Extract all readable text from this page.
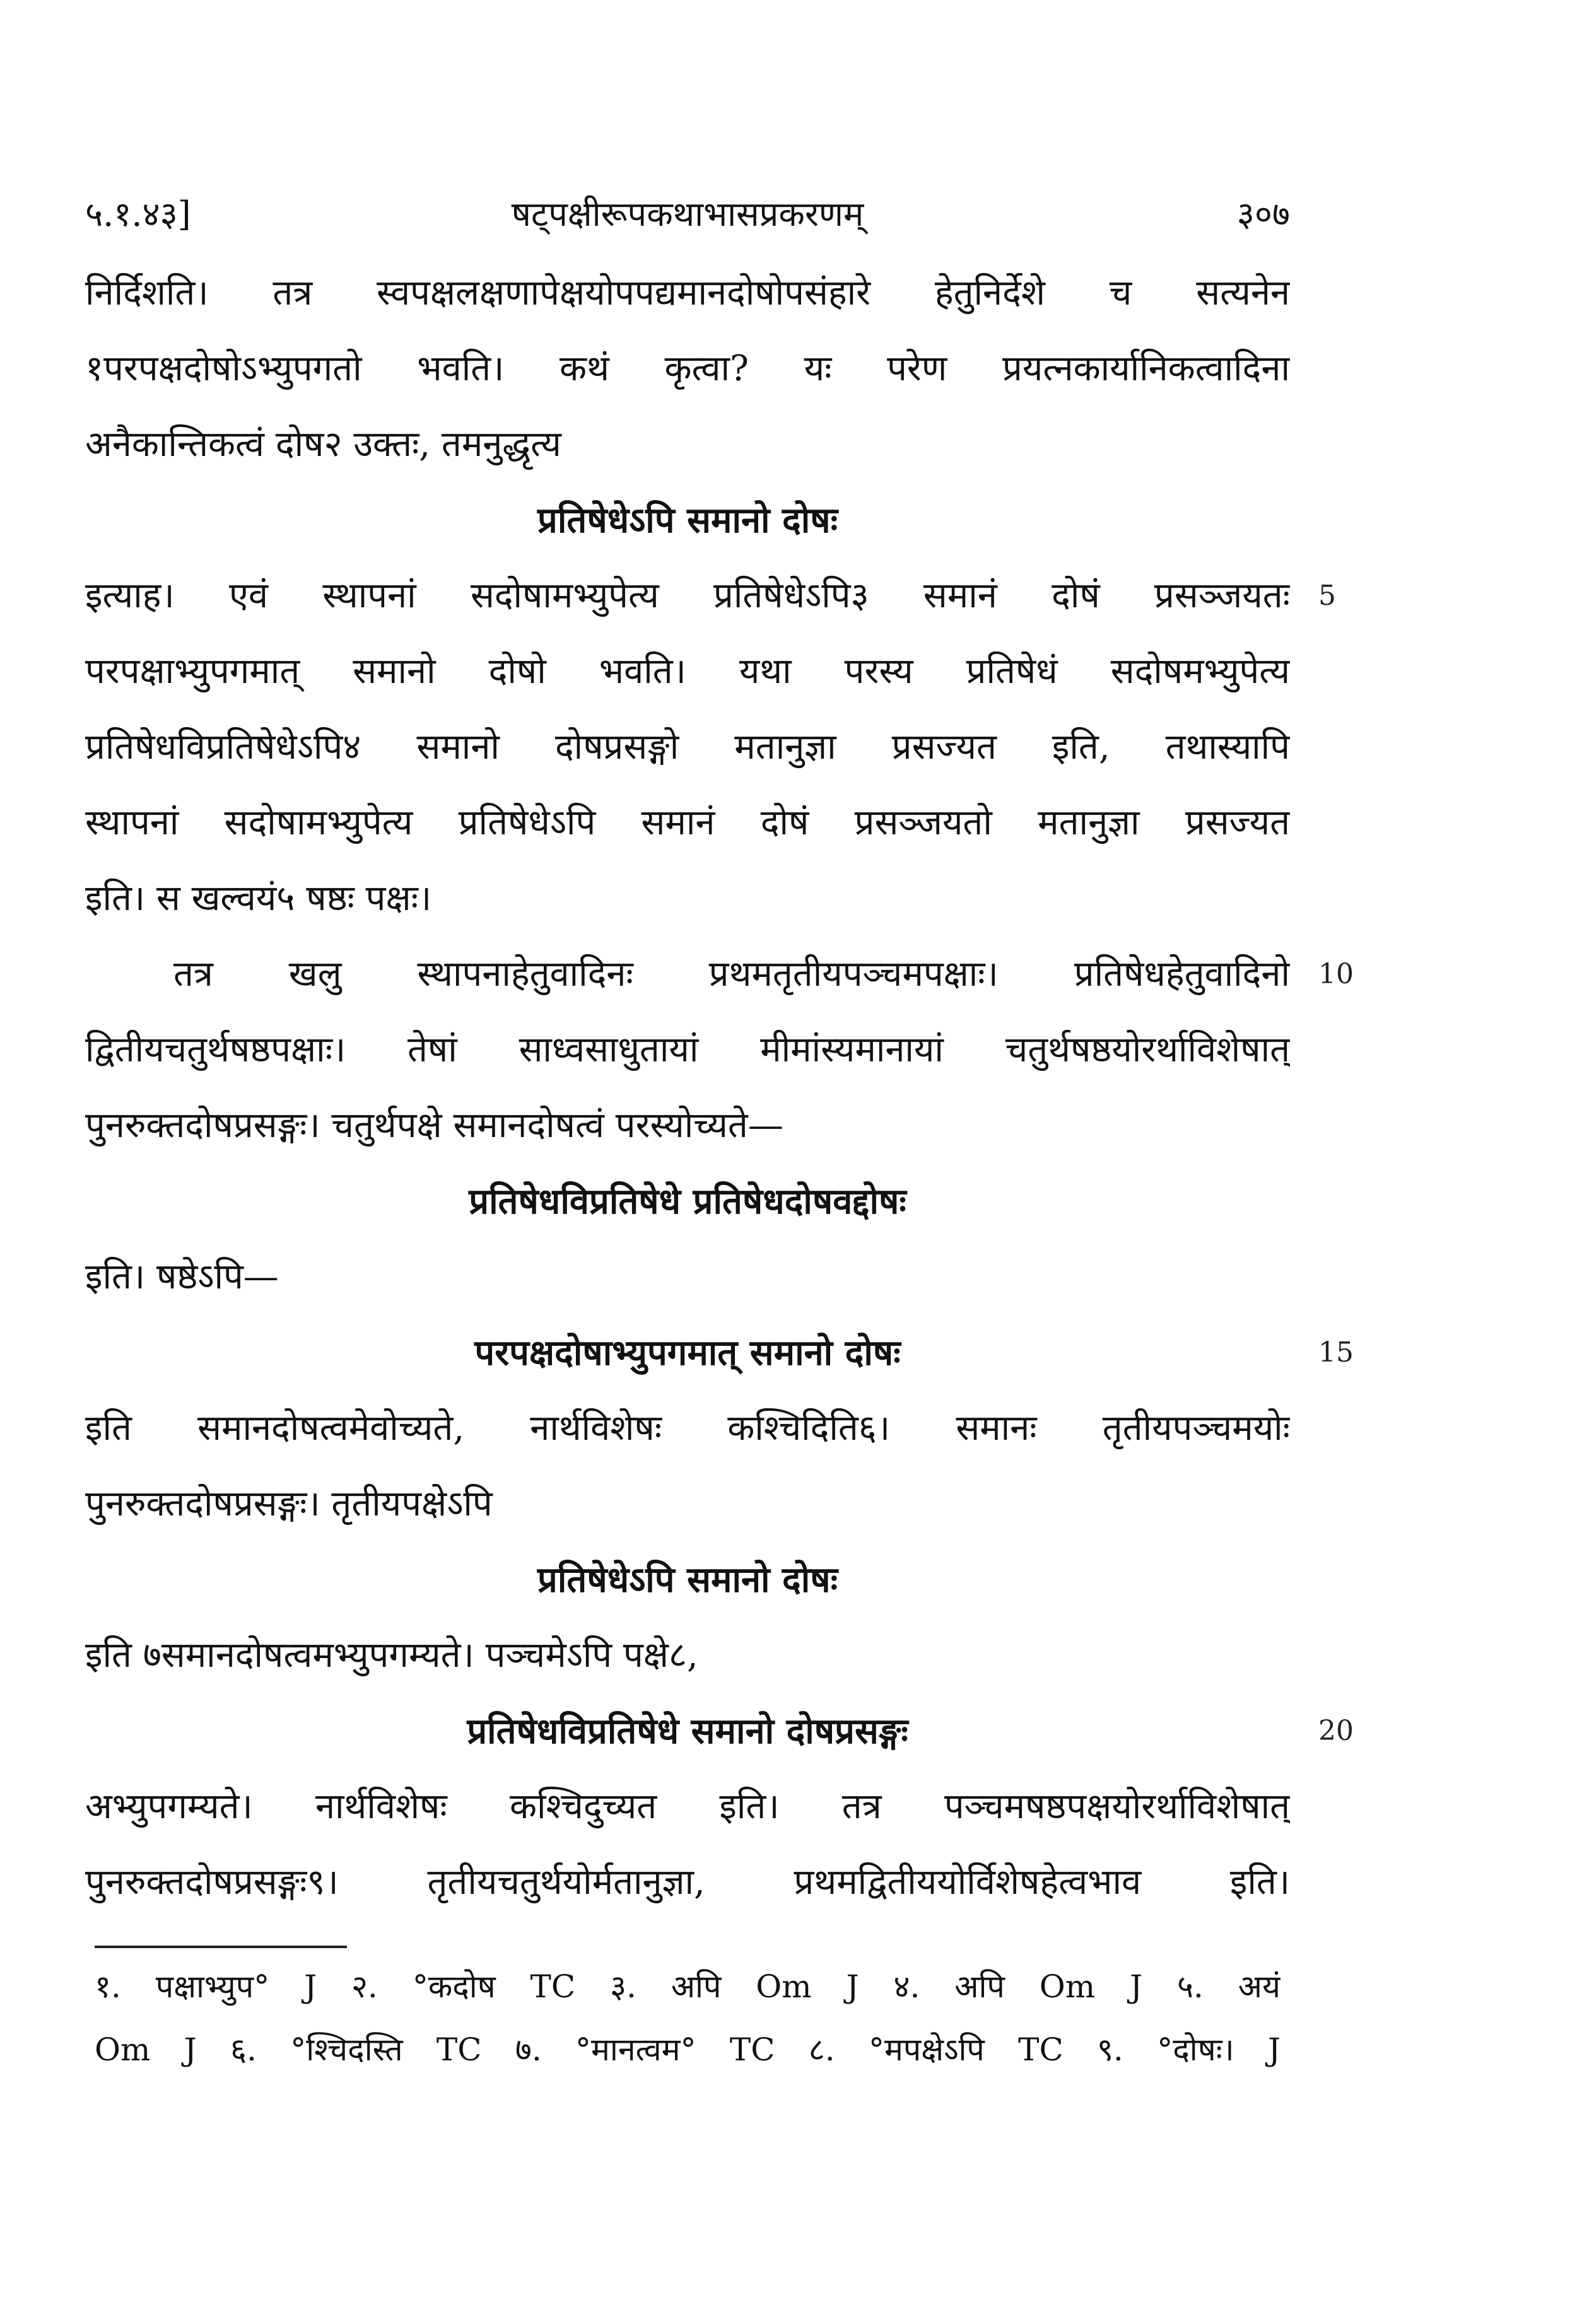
५.१.४३]	षट्पक्षीरूपकथाभासप्रकरणम्	३०७
निर्दिशति। तत्र स्वपक्षलक्षणापेक्षयोपपद्यमानदोषोपसंहारे हेतुनिर्देशे च सत्यनेन
१परपक्षदोषोऽभ्युपगतो भवति। कथं कृत्वा? यः परेण प्रयत्नकार्यानिकत्वादिना
अनैकान्तिकत्वं दोष२ उक्तः, तमनुद्धृत्य
प्रतिषेधेऽपि समानो दोषः
इत्याह। एवं स्थापनां सदोषामभ्युपेत्य प्रतिषेधेऽपि३ समानं दोषं प्रसञ्जयतः
परपक्षाभ्युपगमात् समानो दोषो भवति। यथा परस्य प्रतिषेधं सदोषमभ्युपेत्य
प्रतिषेधविप्रतिषेधेऽपि४ समानो दोषप्रसङ्गो मतानुज्ञा प्रसज्यत इति, तथास्यापि
स्थापनां सदोषामभ्युपेत्य प्रतिषेधेऽपि समानं दोषं प्रसञ्जयतो मतानुज्ञा प्रसज्यत
इति। स खल्वयं५ षष्ठः पक्षः।
तत्र खलु स्थापनाहेतुवादिनः प्रथमतृतीयपञ्चमपक्षाः। प्रतिषेधहेतुवादिनो
द्वितीयचतुर्थषष्ठपक्षाः। तेषां साध्वसाधुतायां मीमांस्यमानायां चतुर्थषष्ठयोरर्थाविशेषात्
पुनरुक्तदोषप्रसङ्गः। चतुर्थपक्षे समानदोषत्वं परस्योच्यते—
प्रतिषेधविप्रतिषेधे प्रतिषेधदोषवद्दोषः
इति। षष्ठेऽपि—
परपक्षदोषाभ्युपगमात् समानो दोषः
इति समानदोषत्वमेवोच्यते, नार्थविशेषः कश्चिदिति६। समानः तृतीयपञ्चमयोः
पुनरुक्तदोषप्रसङ्गः। तृतीयपक्षेऽपि
प्रतिषेधेऽपि समानो दोषः
इति ७समानदोषत्वमभ्युपगम्यते। पञ्चमेऽपि पक्षे८,
प्रतिषेधविप्रतिषेधे समानो दोषप्रसङ्गः
अभ्युपगम्यते। नार्थविशेषः कश्चिदुच्यत इति। तत्र पञ्चमषष्ठपक्षयोरर्थाविशेषात्
पुनरुक्तदोषप्रसङ्गः९। तृतीयचतुर्थयोर्मतानुज्ञा, प्रथमद्वितीययोर्विशेषहेत्वभाव इति।
5
10
15
20
१. पक्षाभ्युप° J २. °कदोष TC ३. अपि Om J ४. अपि Om J ५. अयं
Om J ६. °श्चिदस्ति TC ७. °मानत्वम° TC ८. °मपक्षेऽपि TC ९. °दोषः। J
